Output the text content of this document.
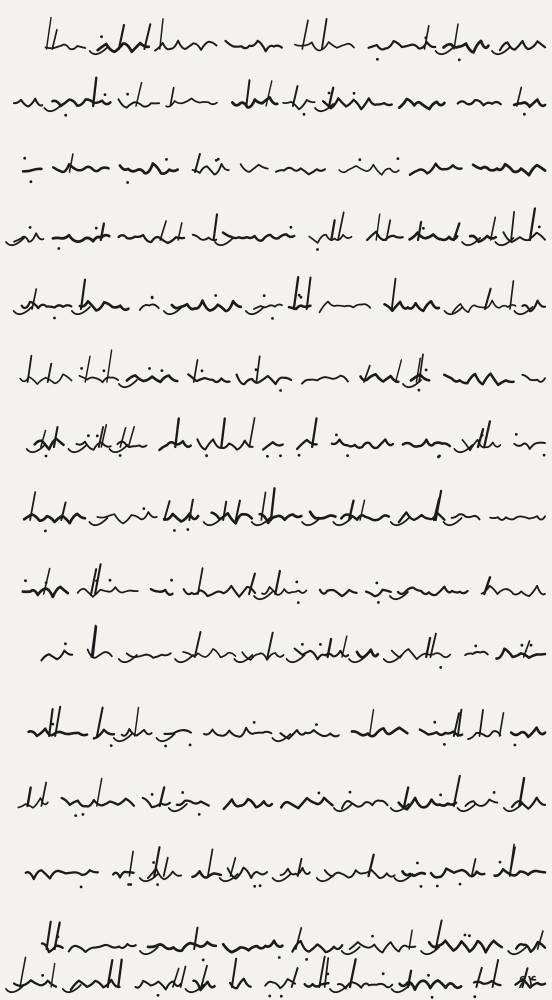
۶۴
